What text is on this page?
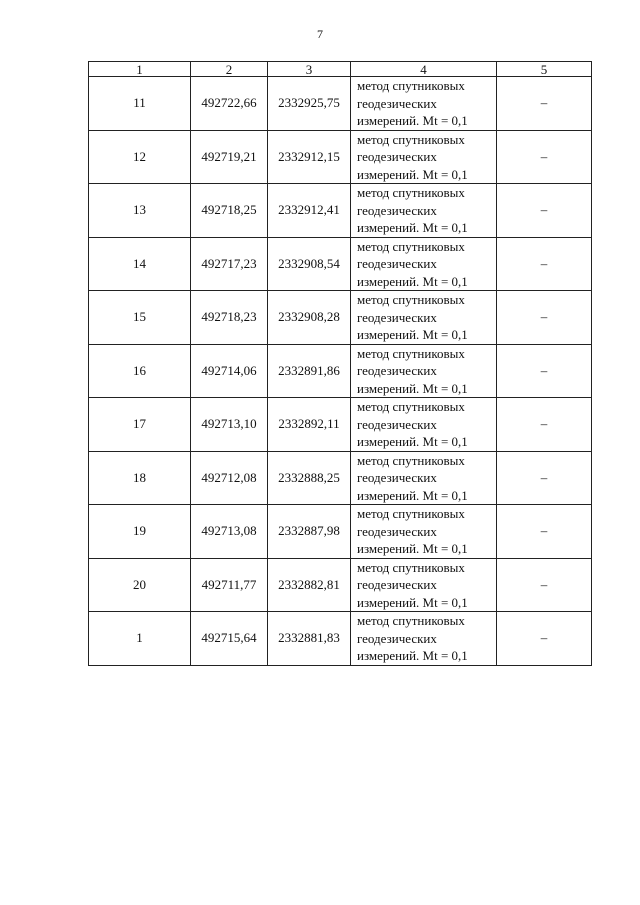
7
1	2	3	4	5
11	492722,66	2332925,75	метод спутниковых
геодезических
измерений. Mt = 0,1	–
12	492719,21	2332912,15	метод спутниковых
геодезических
измерений. Mt = 0,1	–
13	492718,25	2332912,41	метод спутниковых
геодезических
измерений. Mt = 0,1	–
14	492717,23	2332908,54	метод спутниковых
геодезических
измерений. Mt = 0,1	–
15	492718,23	2332908,28	метод спутниковых
геодезических
измерений. Mt = 0,1	–
16	492714,06	2332891,86	метод спутниковых
геодезических
измерений. Mt = 0,1	–
17	492713,10	2332892,11	метод спутниковых
геодезических
измерений. Mt = 0,1	–
18	492712,08	2332888,25	метод спутниковых
геодезических
измерений. Mt = 0,1	–
19	492713,08	2332887,98	метод спутниковых
геодезических
измерений. Mt = 0,1	–
20	492711,77	2332882,81	метод спутниковых
геодезических
измерений. Mt = 0,1	–
1	492715,64	2332881,83	метод спутниковых
геодезических
измерений. Mt = 0,1	–
